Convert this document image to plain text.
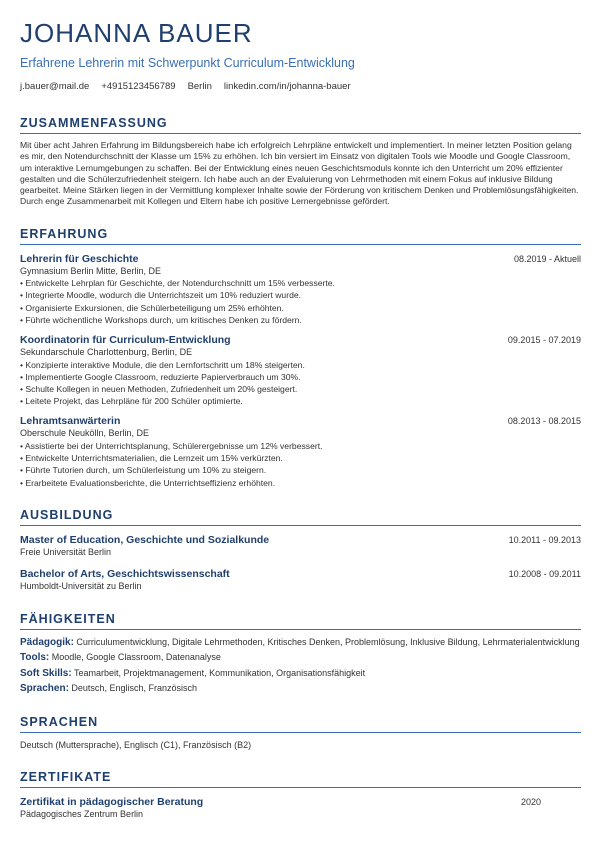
JOHANNA BAUER
Erfahrene Lehrerin mit Schwerpunkt Curriculum-Entwicklung
j.bauer@mail.de +4915123456789 Berlin linkedin.com/in/johanna-bauer
ZUSAMMENFASSUNG

Mit über acht Jahren Erfahrung im Bildungsbereich habe ich erfolgreich Lehrpläne entwickelt und implementiert. In meiner letzten Position gelang es mir, den Notendurchschnitt der Klasse um 15% zu erhöhen. Ich bin versiert im Einsatz von digitalen Tools wie Moodle und Google Classroom, um interaktive Lernumgebungen zu schaffen. Bei der Entwicklung eines neuen Geschichtsmoduls konnte ich den Unterricht um 20% effizienter gestalten und die Schülerzufriedenheit steigern. Ich habe auch an der Evaluierung von Lehrmethoden mit einem Fokus auf inklusive Bildung gearbeitet. Meine Stärken liegen in der Vermittlung komplexer Inhalte sowie der Förderung von kritischem Denken und Problemlösungsfähigkeiten. Durch enge Zusammenarbeit mit Kollegen und Eltern habe ich positive Lernergebnisse gefördert.

ERFAHRUNG
Lehrerin für Geschichte	08.2019 - Aktuell
Gymnasium Berlin Mitte, Berlin, DE
• Entwickelte Lehrplan für Geschichte, der Notendurchschnitt um 15% verbesserte.
• Integrierte Moodle, wodurch die Unterrichtszeit um 10% reduziert wurde.
• Organisierte Exkursionen, die Schülerbeteiligung um 25% erhöhten.
• Führte wöchentliche Workshops durch, um kritisches Denken zu fördern.
Koordinatorin für Curriculum-Entwicklung	09.2015 - 07.2019
Sekundarschule Charlottenburg, Berlin, DE
• Konzipierte interaktive Module, die den Lernfortschritt um 18% steigerten.
• Implementierte Google Classroom, reduzierte Papierverbrauch um 30%.
• Schulte Kollegen in neuen Methoden, Zufriedenheit um 20% gesteigert.
• Leitete Projekt, das Lehrpläne für 200 Schüler optimierte.
Lehramtsanwärterin	08.2013 - 08.2015
Oberschule Neukölln, Berlin, DE
• Assistierte bei der Unterrichtsplanung, Schülerergebnisse um 12% verbessert.
• Entwickelte Unterrichtsmaterialien, die Lernzeit um 15% verkürzten.
• Führte Tutorien durch, um Schülerleistung um 10% zu steigern.
• Erarbeitete Evaluationsberichte, die Unterrichtseffizienz erhöhten.
AUSBILDUNG
Master of Education, Geschichte und Sozialkunde	10.2011 - 09.2013
Freie Universität Berlin
Bachelor of Arts, Geschichtswissenschaft	10.2008 - 09.2011
Humboldt-Universität zu Berlin
FÄHIGKEITEN
Pädagogik: Curriculumentwicklung, Digitale Lehrmethoden, Kritisches Denken, Problemlösung, Inklusive Bildung, Lehrmaterialentwicklung
Tools: Moodle, Google Classroom, Datenanalyse
Soft Skills: Teamarbeit, Projektmanagement, Kommunikation, Organisationsfähigkeit
Sprachen: Deutsch, Englisch, Französisch
SPRACHEN
Deutsch (Muttersprache), Englisch (C1), Französisch (B2)
ZERTIFIKATE
Zertifikat in pädagogischer Beratung	2020
Pädagogisches Zentrum Berlin
